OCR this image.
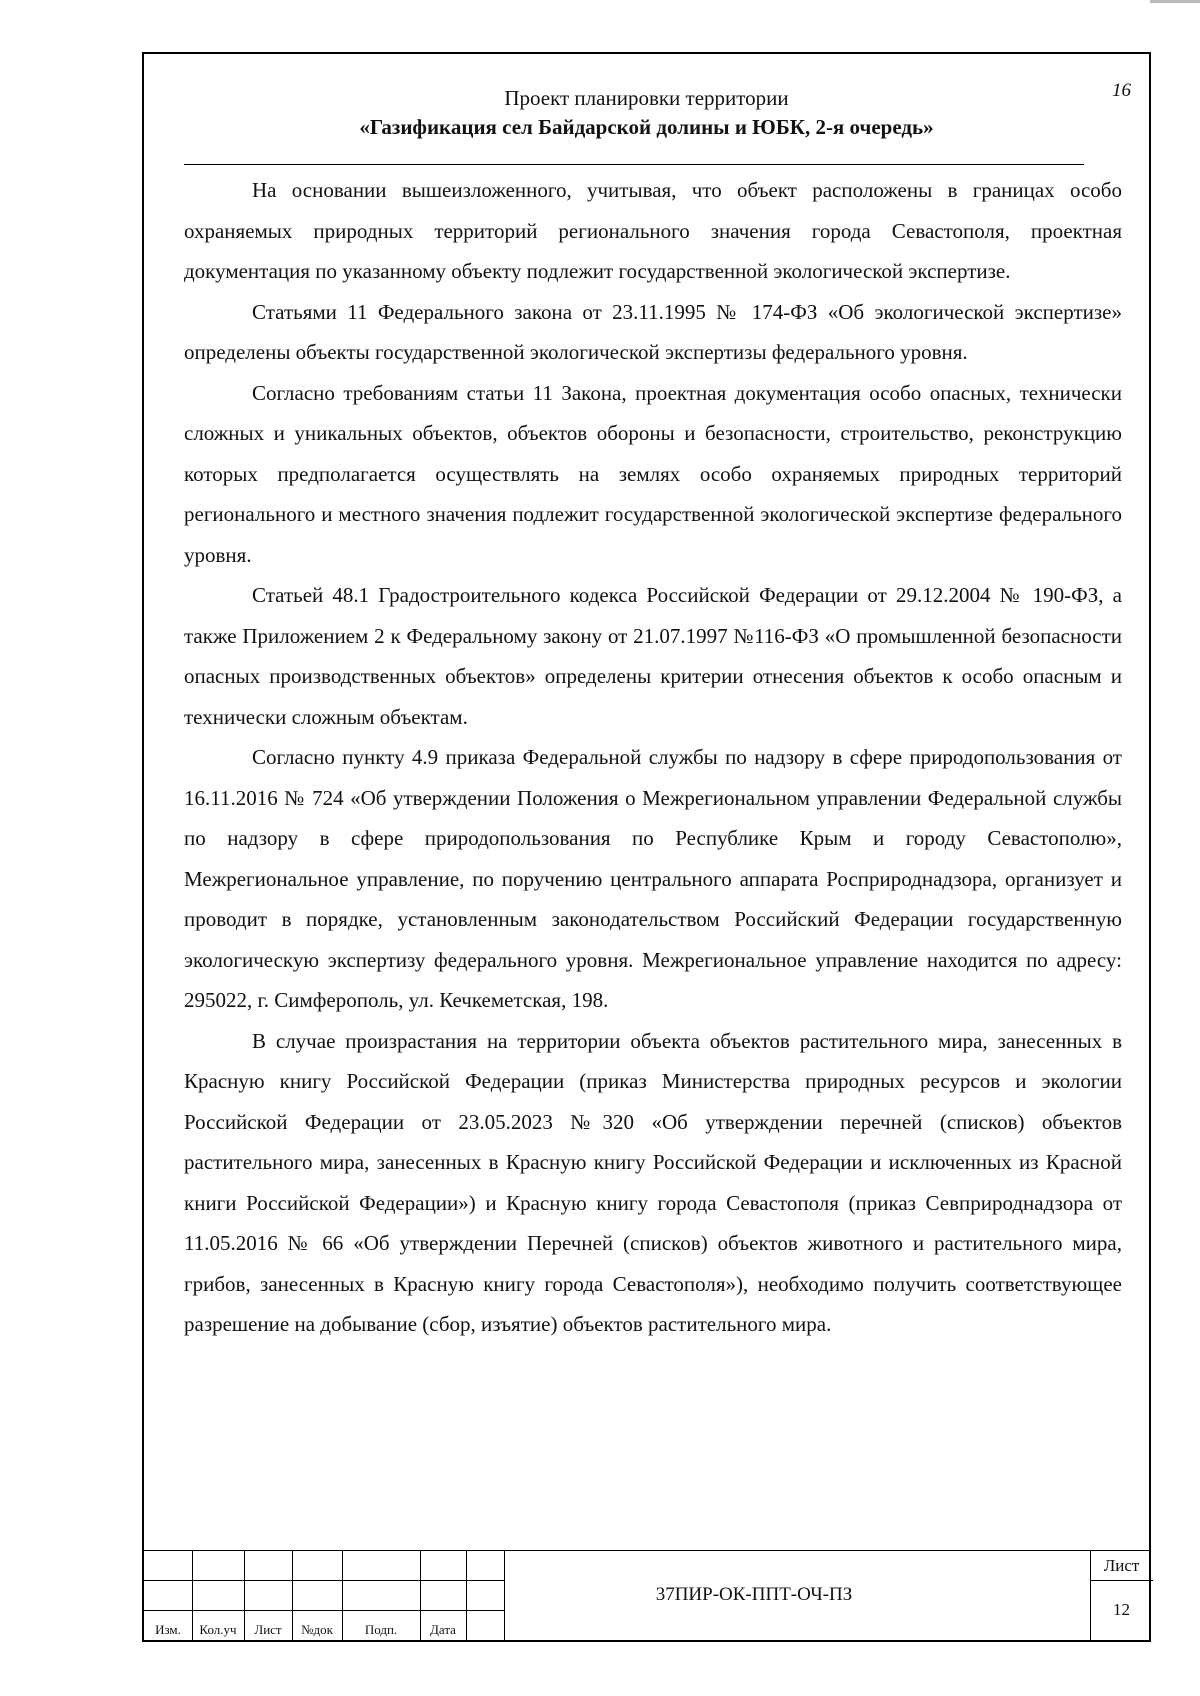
16
Проект планировки территории
«Газификация сел Байдарской долины и ЮБК, 2-я очередь»

На основании вышеизложенного, учитывая, что объект расположены в границах особо охраняемых природных территорий регионального значения города Севастополя, проектная документация по указанному объекту подлежит государственной экологической экспертизе.

Статьями 11 Федерального закона от 23.11.1995 № 174-ФЗ «Об экологической экспертизе» определены объекты государственной экологической экспертизы федерального уровня.

Согласно требованиям статьи 11 Закона, проектная документация особо опасных, технически сложных и уникальных объектов, объектов обороны и безопасности, строительство, реконструкцию которых предполагается осуществлять на землях особо охраняемых природных территорий регионального и местного значения подлежит государственной экологической экспертизе федерального уровня.

Статьей 48.1 Градостроительного кодекса Российской Федерации от 29.12.2004 № 190-ФЗ, а также Приложением 2 к Федеральному закону от 21.07.1997 №116-ФЗ «О промышленной безопасности опасных производственных объектов» определены критерии отнесения объектов к особо опасным и технически сложным объектам.

Согласно пункту 4.9 приказа Федеральной службы по надзору в сфере природопользования от 16.11.2016 № 724 «Об утверждении Положения о Межрегиональном управлении Федеральной службы по надзору в сфере природопользования по Республике Крым и городу Севастополю», Межрегиональное управление, по поручению центрального аппарата Росприроднадзора, организует и проводит в порядке, установленным законодательством Российский Федерации государственную экологическую экспертизу федерального уровня. Межрегиональное управление находится по адресу: 295022, г. Симферополь, ул. Кечкеметская, 198.

В случае произрастания на территории объекта объектов растительного мира, занесенных в Красную книгу Российской Федерации (приказ Министерства природных ресурсов и экологии Российской Федерации от 23.05.2023 №320 «Об утверждении перечней (списков) объектов растительного мира, занесенных в Красную книгу Российской Федерации и исключенных из Красной книги Российской Федерации») и Красную книгу города Севастополя (приказ Севприроднадзора от 11.05.2016 № 66 «Об утверждении Перечней (списков) объектов животного и растительного мира, грибов, занесенных в Красную книгу города Севастополя»), необходимо получить соответствующее разрешение на добывание (сбор, изъятие) объектов растительного мира.

Изм.	Кол.уч	Лист	№док	Подп.	Дата
37ПИР-ОК-ППТ-ОЧ-ПЗ
Лист
12
